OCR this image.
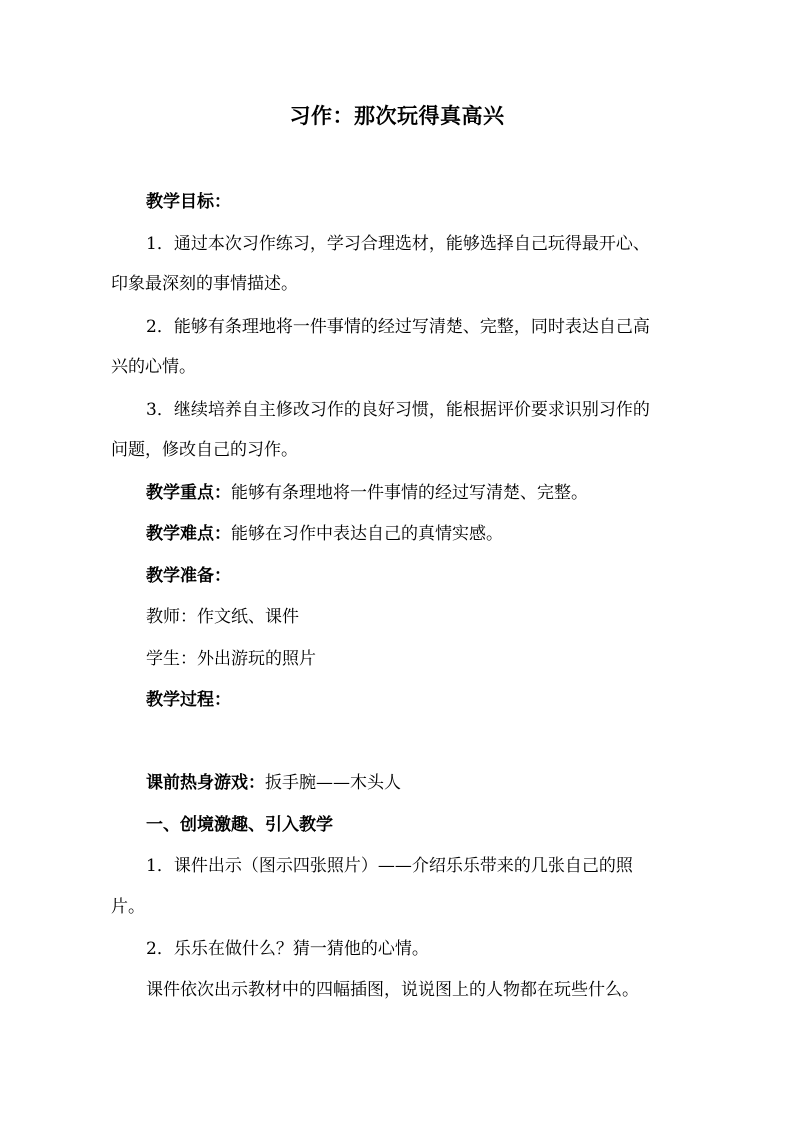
习作：那次玩得真高兴
教学目标：
1．通过本次习作练习，学习合理选材，能够选择自己玩得最开心、
印象最深刻的事情描述。
2．能够有条理地将一件事情的经过写清楚、完整，同时表达自己高
兴的心情。
3．继续培养自主修改习作的良好习惯，能根据评价要求识别习作的
问题，修改自己的习作。
教学重点：能够有条理地将一件事情的经过写清楚、完整。
教学难点：能够在习作中表达自己的真情实感。
教学准备：
教师：作文纸、课件
学生：外出游玩的照片
教学过程：
课前热身游戏：扳手腕——木头人
一、创境激趣、引入教学
1．课件出示（图示四张照片）——介绍乐乐带来的几张自己的照
片。
2．乐乐在做什么？猜一猜他的心情。
课件依次出示教材中的四幅插图，说说图上的人物都在玩些什么。
